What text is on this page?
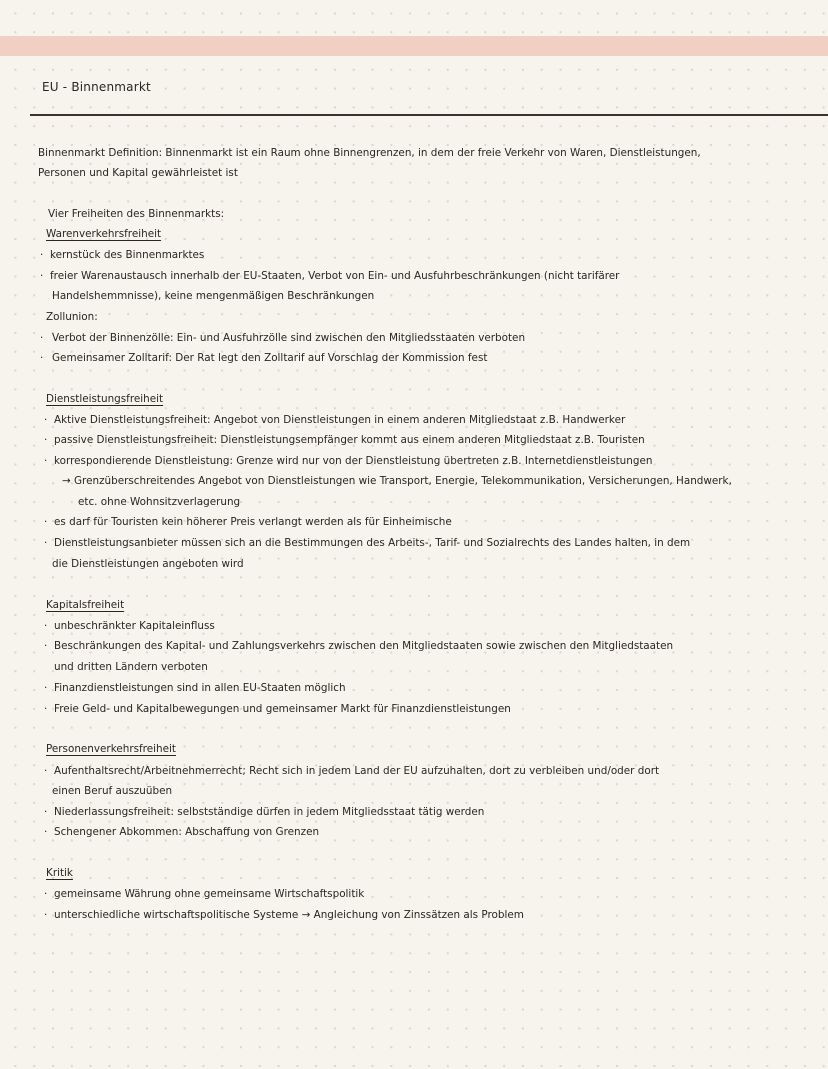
EU - Binnenmarkt
Binnenmarkt Definition: Binnenmarkt ist ein Raum ohne Binnengrenzen, in dem der freie Verkehr von Waren, Dienstleistungen,
Personen und Kapital gewährleistet ist
Vier Freiheiten des Binnenmarkts:
Warenverkehrsfreiheit
· kernstück des Binnenmarktes
· freier Warenaustausch innerhalb der EU-Staaten, Verbot von Ein- und Ausfuhrbeschränkungen (nicht tarifärer
Handelshemmnisse), keine mengenmäßigen Beschränkungen
Zollunion:
· Verbot der Binnenzölle: Ein- und Ausfuhrzölle sind zwischen den Mitgliedsstaaten verboten
· Gemeinsamer Zolltarif: Der Rat legt den Zolltarif auf Vorschlag der Kommission fest
Dienstleistungsfreiheit
· Aktive Dienstleistungsfreiheit: Angebot von Dienstleistungen in einem anderen Mitgliedstaat z.B. Handwerker
· passive Dienstleistungsfreiheit: Dienstleistungsempfänger kommt aus einem anderen Mitgliedstaat z.B. Touristen
· korrespondierende Dienstleistung: Grenze wird nur von der Dienstleistung übertreten z.B. Internetdienstleistungen
→ Grenzüberschreitendes Angebot von Dienstleistungen wie Transport, Energie, Telekommunikation, Versicherungen, Handwerk,
etc. ohne Wohnsitzverlagerung
· es darf für Touristen kein höherer Preis verlangt werden als für Einheimische
· Dienstleistungsanbieter müssen sich an die Bestimmungen des Arbeits-, Tarif- und Sozialrechts des Landes halten, in dem
die Dienstleistungen angeboten wird
Kapitalsfreiheit
· unbeschränkter Kapitaleinfluss
· Beschränkungen des Kapital- und Zahlungsverkehrs zwischen den Mitgliedstaaten sowie zwischen den Mitgliedstaaten
und dritten Ländern verboten
· Finanzdienstleistungen sind in allen EU-Staaten möglich
· Freie Geld- und Kapitalbewegungen und gemeinsamer Markt für Finanzdienstleistungen
Personenverkehrsfreiheit
· Aufenthaltsrecht/Arbeitnehmerrecht; Recht sich in jedem Land der EU aufzuhalten, dort zu verbleiben und/oder dort
einen Beruf auszuüben
· Niederlassungsfreiheit: selbstständige dürfen in jedem Mitgliedsstaat tätig werden
· Schengener Abkommen: Abschaffung von Grenzen
Kritik
· gemeinsame Währung ohne gemeinsame Wirtschaftspolitik
· unterschiedliche wirtschaftspolitische Systeme → Angleichung von Zinssätzen als Problem
